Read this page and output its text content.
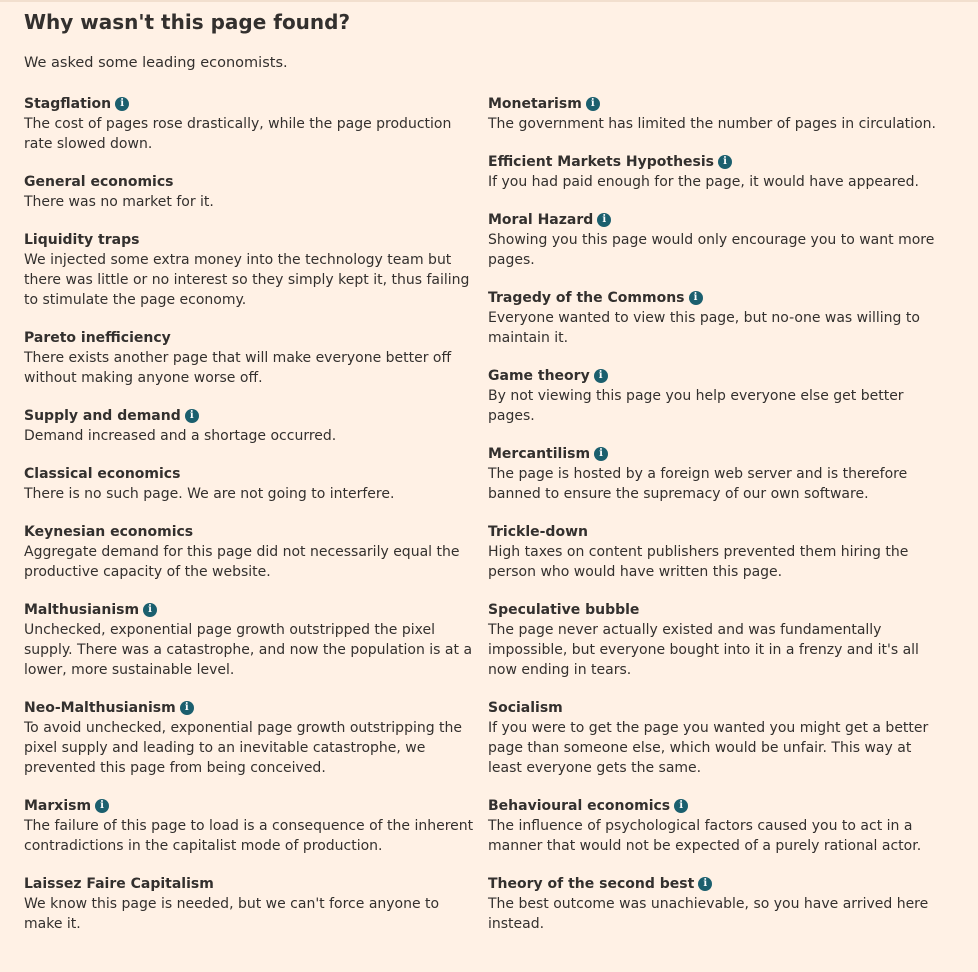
Why wasn't this page found?

We asked some leading economists.

Stagflation i
The cost of pages rose drastically, while the page production rate slowed down.
General economics
There was no market for it.
Liquidity traps
We injected some extra money into the technology team but there was little or no interest so they simply kept it, thus failing to stimulate the page economy.
Pareto inefficiency
There exists another page that will make everyone better off without making anyone worse off.
Supply and demand i
Demand increased and a shortage occurred.
Classical economics
There is no such page. We are not going to interfere.
Keynesian economics
Aggregate demand for this page did not necessarily equal the productive capacity of the website.
Malthusianism i
Unchecked, exponential page growth outstripped the pixel supply. There was a catastrophe, and now the population is at a lower, more sustainable level.
Neo-Malthusianism i
To avoid unchecked, exponential page growth outstripping the pixel supply and leading to an inevitable catastrophe, we prevented this page from being conceived.
Marxism i
The failure of this page to load is a consequence of the inherent contradictions in the capitalist mode of production.
Laissez Faire Capitalism
We know this page is needed, but we can't force anyone to make it.
Monetarism i
The government has limited the number of pages in circulation.
Efficient Markets Hypothesis i
If you had paid enough for the page, it would have appeared.
Moral Hazard i
Showing you this page would only encourage you to want more pages.
Tragedy of the Commons i
Everyone wanted to view this page, but no-one was willing to maintain it.
Game theory i
By not viewing this page you help everyone else get better pages.
Mercantilism i
The page is hosted by a foreign web server and is therefore banned to ensure the supremacy of our own software.
Trickle-down
High taxes on content publishers prevented them hiring the person who would have written this page.
Speculative bubble
The page never actually existed and was fundamentally impossible, but everyone bought into it in a frenzy and it's all now ending in tears.
Socialism
If you were to get the page you wanted you might get a better page than someone else, which would be unfair. This way at least everyone gets the same.
Behavioural economics i
The influence of psychological factors caused you to act in a manner that would not be expected of a purely rational actor.
Theory of the second best i
The best outcome was unachievable, so you have arrived here instead.
